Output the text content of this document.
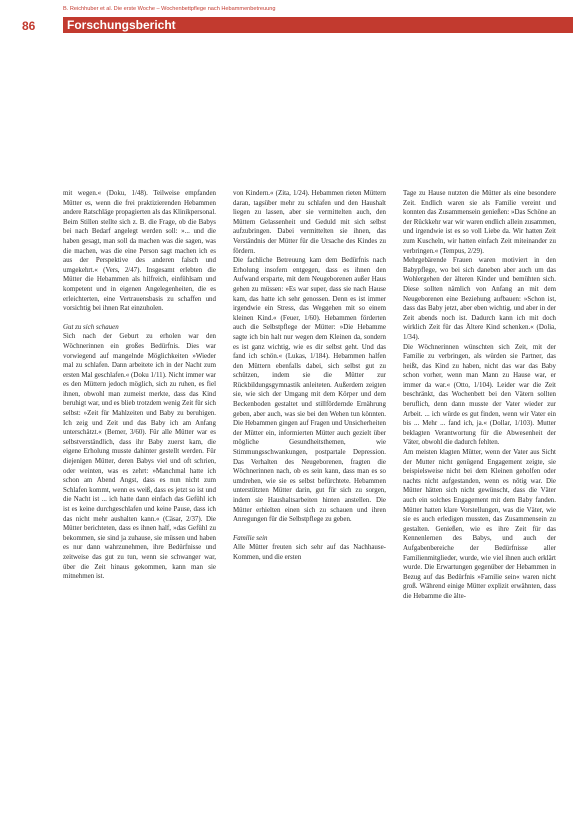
B. Reichhuber et al. Die erste Woche – Wochenbettpflege nach Hebammenbetreuung
86	Forschungsbericht

mit wegen.« (Doku, 1/48). Teilweise empfanden Mütter es, wenn die frei praktizierenden Hebammen andere Ratschläge propagierten als das Klinikpersonal. Beim Stillen stellte sich z. B. die Frage, ob die Babys bei nach Bedarf angelegt werden soll: »... und die haben gesagt, man soll da machen was die sagen, was die machen, was die eine Person sagt machen ich es aus der Perspektive des anderen falsch und umgekehrt.« (Vers, 2/47). Insgesamt erlebten die Mütter die Hebammen als hilfreich, einfühlsam und kompetent und in eigenen Angelegenheiten, die es erleichterten, eine Vertrauensbasis zu schaffen und vorsichtig bei ihnen Rat einzuholen.

Gut zu sich schauen

Sich nach der Geburt zu erholen war den Wöchnerinnen ein großes Bedürfnis. Dies war vorwiegend auf mangelnde Möglichkeiten »Wieder mal zu schlafen. Dann arbeitete ich in der Nacht zum ersten Mal geschlafen.« (Doku 1/11). Nicht immer war es den Müttern jedoch möglich, sich zu ruhen, es fiel ihnen, obwohl man zumeist merkte, dass das Kind beruhigt war, und es blieb trotzdem wenig Zeit für sich selbst: »Zeit für Mahlzeiten und Baby zu beruhigen. Ich zeig und Zeit und das Baby ich am Anfang unterschätzt.« (Bemer, 3/60). Für alle Mütter war es selbstverständlich, dass ihr Baby zuerst kam, die eigene Erholung musste dahinter gestellt werden. Für diejenigen Mütter, deren Babys viel und oft schrien, oder weinten, was es zehrt: »Manchmal hatte ich schon am Abend Angst, dass es nun nicht zum Schlafen kommt, wenn es weiß, dass es jetzt so ist und die Nacht ist ... ich hatte dann einfach das Gefühl ich ist es keine durchgeschlafen und keine Pause, dass ich das nicht mehr aushalten kann.« (Cäsar, 2/37). Die Mütter berichteten, dass es ihnen half, »das Gefühl zu bekommen, sie sind ja zuhause, sie müssen und haben es nur dann wahrzunehmen, ihre Bedürfnisse und zeitweise das gut zu tun, wenn sie schwanger war, über die Zeit hinaus gekommen, kann man sie mitnehmen ist.

von Kindern.« (Zita, 1/24). Hebammen rieten Müttern daran, tagsüber mehr zu schlafen und den Haushalt liegen zu lassen, aber sie vermittelten auch, den Müttern Gelassenheit und Geduld mit sich selbst aufzubringen. Dabei vermittelten sie ihnen, das Verständnis der Mütter für die Ursache des Kindes zu fördern.

Die fachliche Betreuung kam dem Bedürfnis nach Erholung insofern entgegen, dass es ihnen den Aufwand ersparte, mit dem Neugeborenen außer Haus gehen zu müssen: »Es war super, dass sie nach Hause kam, das hatte ich sehr genossen. Denn es ist immer irgendwie ein Stress, das Weggehen mit so einem kleinen Kind.« (Feuer, 1/60). Hebammen förderten auch die Selbstpflege der Mütter: »Die Hebamme sagte ich bin halt nur wegen dem Kleinen da, sondern es ist ganz wichtig, wie es dir selbst geht. Und das fand ich schön.« (Lukas, 1/184). Hebammen halfen den Müttern ebenfalls dabei, sich selbst gut zu schützen, indem sie die Mütter zur Rückbildungsgymnastik anleiteten. Außerdem zeigten sie, wie sich der Umgang mit dem Körper und dem Beckenboden gestaltet und stillfördernde Ernährung geben, aber auch, was sie bei den Wehen tun könnten. Die Hebammen gingen auf Fragen und Unsicherheiten der Mütter ein, informierten Mütter auch gezielt über mögliche Gesundheitsthemen, wie Stimmungsschwankungen, postpartale Depression. Das Verhalten des Neugeborenen, fragten die Wöchnerinnen nach, ob es sein kann, dass man es so umdrehen, wie sie es selbst befürchtete. Hebammen unterstützten Mütter darin, gut für sich zu sorgen, indem sie Haushaltsarbeiten hinten anstellen. Die Mütter erhielten einen sich zu schauen und ihren Anregungen für die Selbstpflege zu geben.

Familie sein

Alle Mütter freuten sich sehr auf das Nachhause-Kommen, und die ersten

Tage zu Hause nutzten die Mütter als eine besondere Zeit. Endlich waren sie als Familie vereint und konnten das Zusammensein genießen: »Das Schöne an der Rückkehr war wir waren endlich allein zusammen, und irgendwie ist es so voll Liebe da. Wir hatten Zeit zum Kuscheln, wir hatten einfach Zeit miteinander zu verbringen.« (Tempus, 2/29).

Mehrgebärende Frauen waren motiviert in den Babypflege, wo bei sich daneben aber auch um das Wohlergehen der älteren Kinder und bemühten sich. Diese sollten nämlich von Anfang an mit dem Neugeborenen eine Beziehung aufbauen: »Schon ist, dass das Baby jetzt, aber eben wichtig, und aber in der Zeit abends noch ist. Dadurch kann ich mit doch wirklich Zeit für das Ältere Kind schenken.« (Dolia, 1/34).

Die Wöchnerinnen wünschten sich Zeit, mit der Familie zu verbringen, als würden sie Partner, das heißt, das Kind zu haben, nicht das war das Baby schon vorher, wenn man Mann zu Hause war, er immer da war.« (Otto, 1/104). Leider war die Zeit beschränkt, das Wochenbett bei den Vätern sollten beruflich, denn dann musste der Vater wieder zur Arbeit. ... ich würde es gut finden, wenn wir Vater ein bis ... Mehr ... fand ich, ja.« (Dollar, 1/103). Mutter beklagten Verantwortung für die Abwesenheit der Väter, obwohl die dadurch fehlten.

Am meisten klagten Mütter, wenn der Vater aus Sicht der Mutter nicht genügend Engagement zeigte, sie beispielsweise nicht bei dem Kleinen geholfen oder nachts nicht aufgestanden, wenn es nötig war. Die Mütter hätten sich nicht gewünscht, dass die Väter auch ein solches Engagement mit dem Baby fanden. Mütter hatten klare Vorstellungen, was die Väter, wie sie es auch erledigen mussten, das Zusammensein zu gestalten. Genießen, wie es ihre Zeit für das Kennenlernen des Babys, und auch der Aufgabenbereiche der Bedürfnisse aller Familienmitglieder, wurde, wie viel ihnen auch erklärt wurde. Die Erwartungen gegenüber der Hebammen in Bezug auf das Bedürfnis »Familie sein« waren nicht groß. Während einige Mütter explizit erwähnten, dass die Hebamme die älte-
